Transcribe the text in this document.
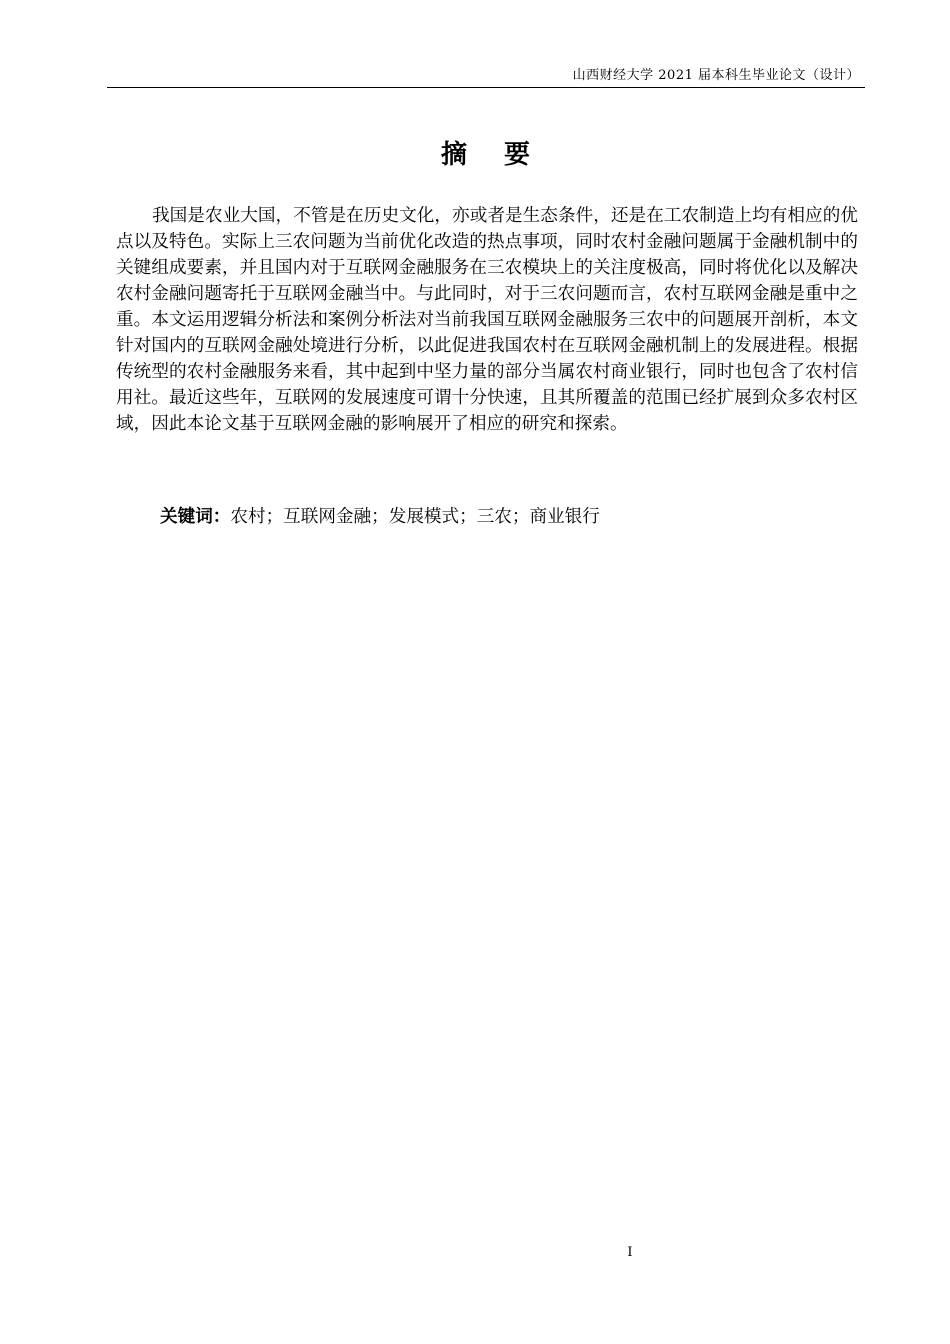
山西财经大学 2021 届本科生毕业论文（设计）
摘 要

我国是农业大国，不管是在历史文化，亦或者是生态条件，还是在工农制造上均有相应的优点以及特色。实际上三农问题为当前优化改造的热点事项，同时农村金融问题属于金融机制中的关键组成要素，并且国内对于互联网金融服务在三农模块上的关注度极高，同时将优化以及解决农村金融问题寄托于互联网金融当中。与此同时，对于三农问题而言，农村互联网金融是重中之重。本文运用逻辑分析法和案例分析法对当前我国互联网金融服务三农中的问题展开剖析，本文针对国内的互联网金融处境进行分析，以此促进我国农村在互联网金融机制上的发展进程。根据传统型的农村金融服务来看，其中起到中坚力量的部分当属农村商业银行，同时也包含了农村信用社。最近这些年，互联网的发展速度可谓十分快速，且其所覆盖的范围已经扩展到众多农村区域，因此本论文基于互联网金融的影响展开了相应的研究和探索。

关键词：农村；互联网金融；发展模式；三农；商业银行
I
